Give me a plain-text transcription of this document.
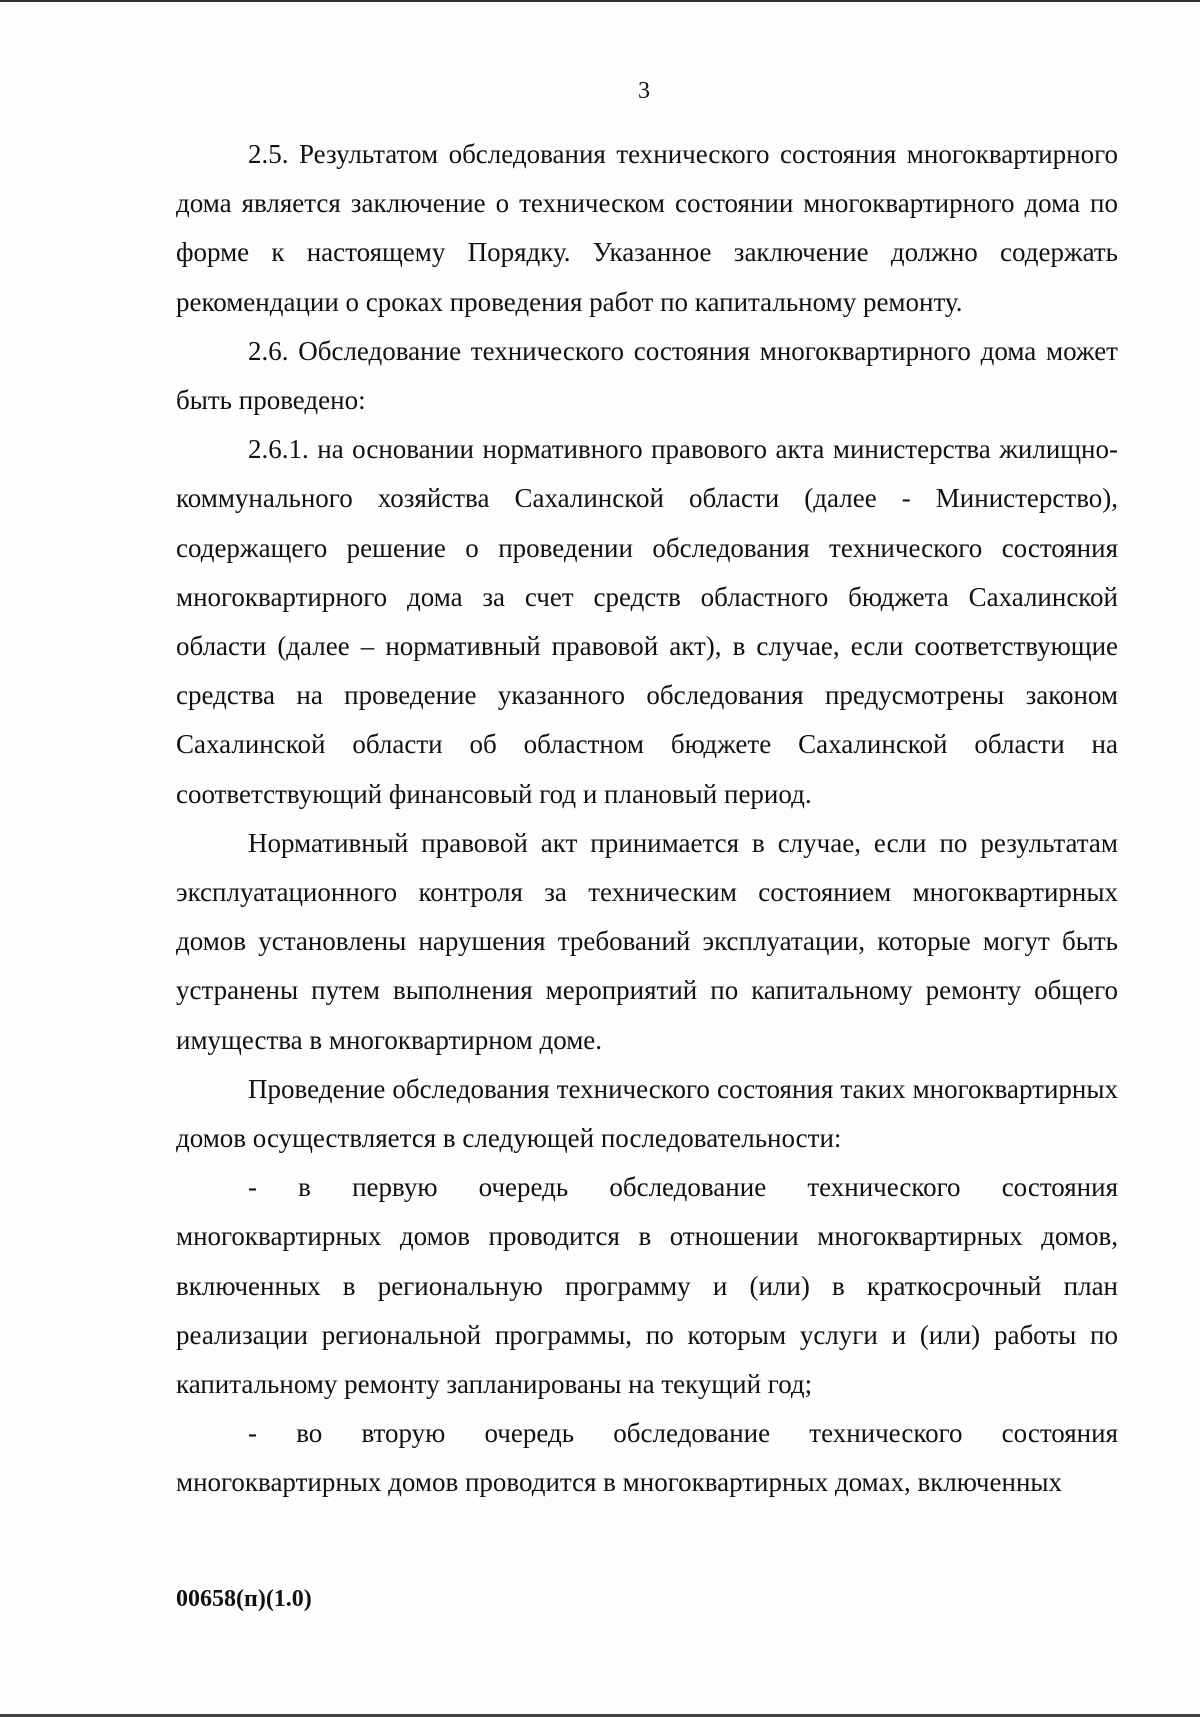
3

2.5. Результатом обследования технического состояния многоквартирного дома является заключение о техническом состоянии многоквартирного дома по форме к настоящему Порядку. Указанное заключение должно содержать рекомендации о сроках проведения работ по капитальному ремонту.

2.6. Обследование технического состояния многоквартирного дома может быть проведено:

2.6.1. на основании нормативного правового акта министерства жилищно-коммунального хозяйства Сахалинской области (далее - Министерство), содержащего решение о проведении обследования технического состояния многоквартирного дома за счет средств областного бюджета Сахалинской области (далее – нормативный правовой акт), в случае, если соответствующие средства на проведение указанного обследования предусмотрены законом Сахалинской области об областном бюджете Сахалинской области на соответствующий финансовый год и плановый период.

Нормативный правовой акт принимается в случае, если по результатам эксплуатационного контроля за техническим состоянием многоквартирных домов установлены нарушения требований эксплуатации, которые могут быть устранены путем выполнения мероприятий по капитальному ремонту общего имущества в многоквартирном доме.

Проведение обследования технического состояния таких многоквартирных домов осуществляется в следующей последовательности:

- в первую очередь обследование технического состояния многоквартирных домов проводится в отношении многоквартирных домов, включенных в региональную программу и (или) в краткосрочный план реализации региональной программы, по которым услуги и (или) работы по капитальному ремонту запланированы на текущий год;

- во вторую очередь обследование технического состояния многоквартирных домов проводится в многоквартирных домах, включенных

00658(п)(1.0)
